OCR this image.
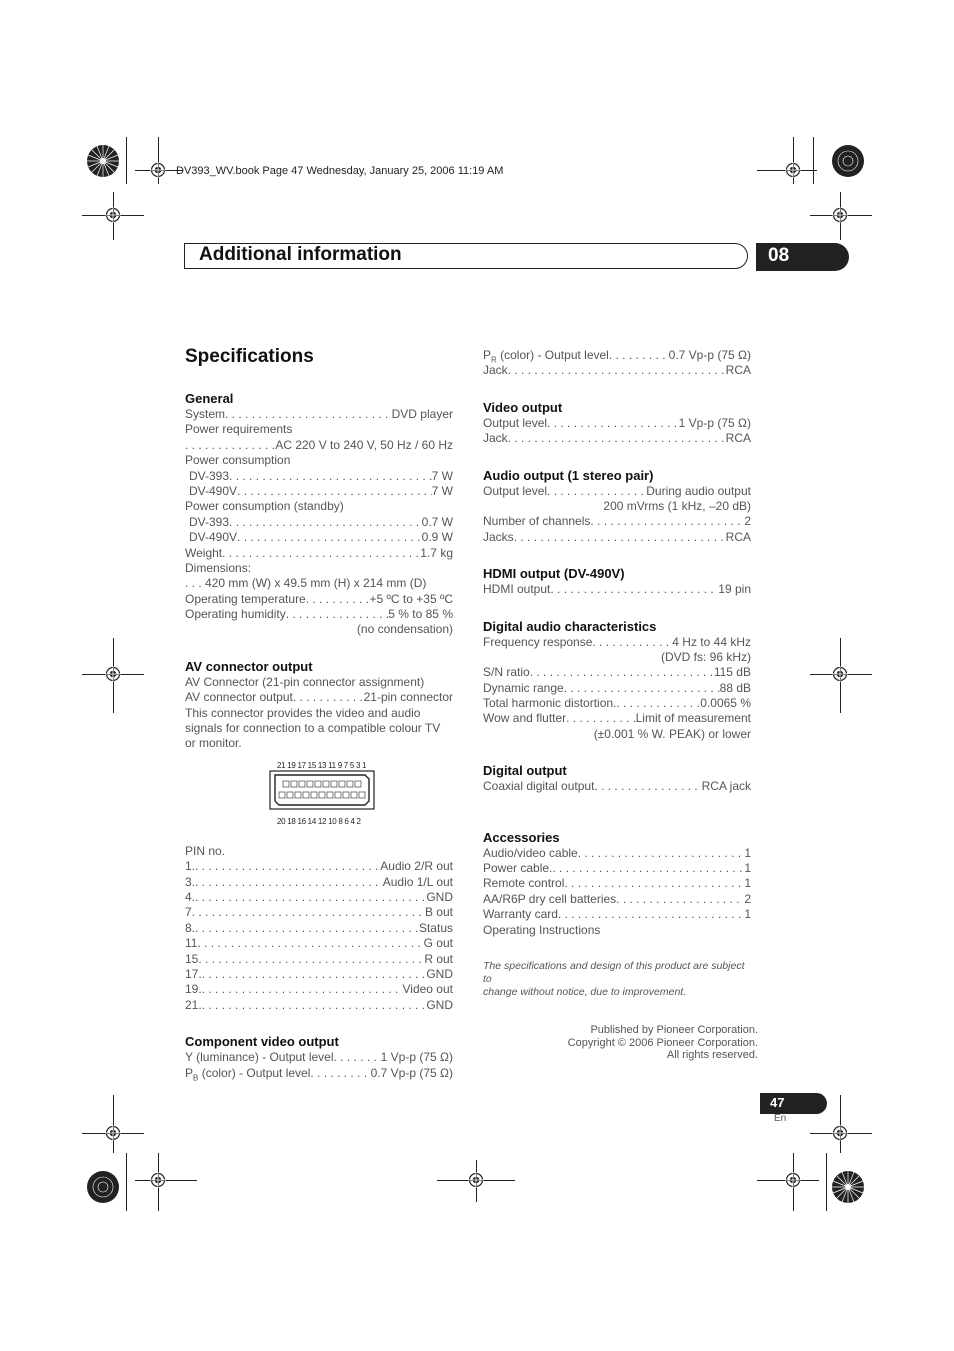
DV393_WV.book Page 47 Wednesday, January 25, 2006 11:19 AM
Additional information	08
Specifications
General
System . . .	DVD player
Power requirements
. . .
AC 220 V to 240 V, 50 Hz / 60 Hz
Power consumption
DV-393 . . .	7 W
DV-490V . . .	7 W
Power consumption (standby)
DV-393 . . .	0.7 W
DV-490V . . .	0.9 W
Weight . . .	1.7 kg
Dimensions:
. . . 420 mm (W) x 49.5 mm (H) x 214 mm (D)
Operating temperature . . .	+5 ºC to +35 ºC
Operating humidity . . .	5 % to 85 %
(no condensation)
AV connector output
AV Connector (21-pin connector assignment)
AV connector output . . .	21-pin connector
This connector provides the video and audio
signals for connection to a compatible colour TV
or monitor.
21 19 17 15 13 11 9 7 5 3 1
20 18 16 14 12 10 8 6 4 2
PIN no.
1. . . .	Audio 2/R out
3. . . .	Audio 1/L out
4. . . .	GND
7 . . .	B out
8. . . .	Status
11 . . .	G out
15 . . .	R out
17. . . .	GND
19. . . .	Video out
21. . . .	GND
Component video output
Y (luminance) - Output level . . .	1 Vp-p (75 Ω)
$P_B$ (color) - Output level . . .	0.7 Vp-p (75 Ω)
$P_R$ (color) - Output level . . .	0.7 Vp-p (75 Ω)
Jack . . .	RCA
Video output
Output level . . .	1 Vp-p (75 Ω)
Jack . . .	RCA
Audio output (1 stereo pair)
Output level . . .	During audio output
200 mVrms (1 kHz, –20 dB)
Number of channels . . .	2
Jacks . . .	RCA
HDMI output (DV-490V)
HDMI output . . .	19 pin
Digital audio characteristics
Frequency response . . .	4 Hz to 44 kHz
(DVD fs: 96 kHz)
S/N ratio . . .	115 dB
Dynamic range . . .	88 dB
Total harmonic distortion. . . .	0.0065 %
Wow and flutter . . .	Limit of measurement
(±0.001 % W. PEAK) or lower
Digital output
Coaxial digital output . . .	RCA jack
Accessories
Audio/video cable . . .	1
Power cable. . . .	1
Remote control . . .	1
AA/R6P dry cell batteries . . .	2
Warranty card . . .	1
Operating Instructions
The specifications and design of this product are subject to
change without notice, due to improvement.
Published by Pioneer Corporation.
Copyright © 2006 Pioneer Corporation.
All rights reserved.
47
En
